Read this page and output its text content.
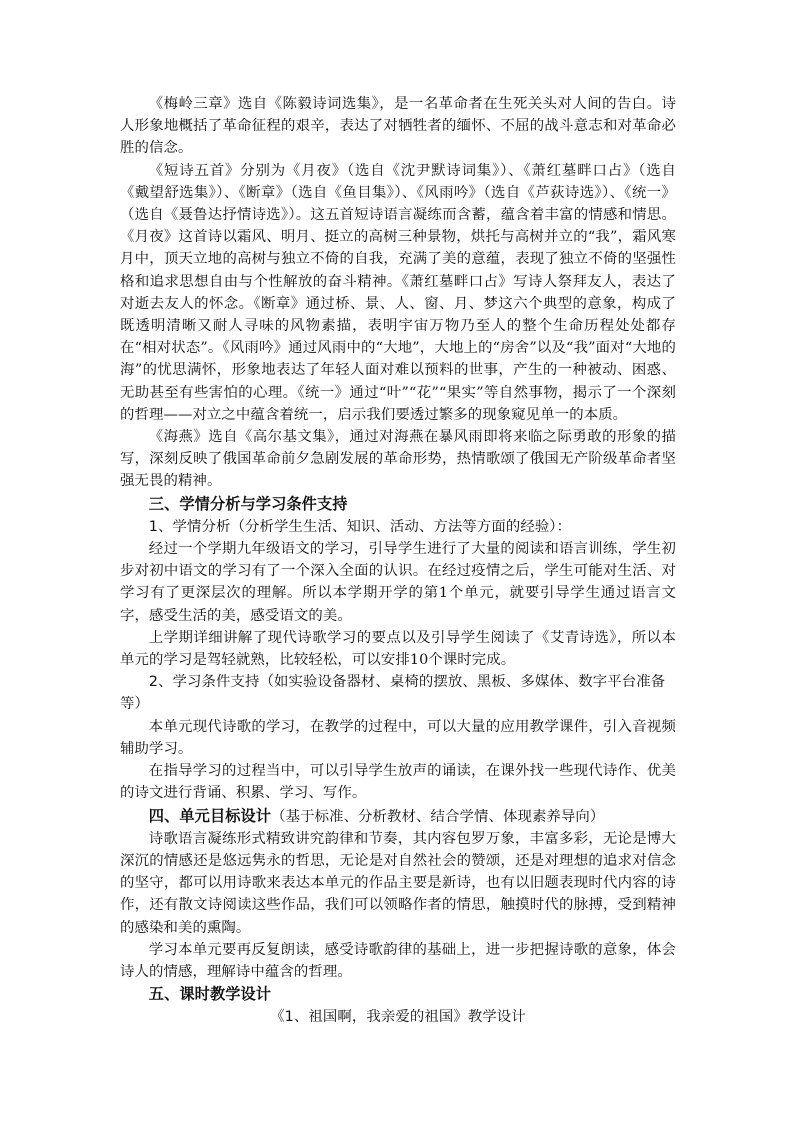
《梅岭三章》选自《陈毅诗词选集》，是一名革命者在生死关头对人间的告白。诗人形象地概括了革命征程的艰辛，表达了对牺牲者的缅怀、不屈的战斗意志和对革命必胜的信念。

《短诗五首》分别为《月夜》（选自《沈尹默诗词集》）、《萧红墓畔口占》（选自《戴望舒选集》）、《断章》（选自《鱼目集》）、《风雨吟》（选自《芦荻诗选》）、《统一》（选自《聂鲁达抒情诗选》）。这五首短诗语言凝练而含蓄，蕴含着丰富的情感和情思。《月夜》这首诗以霜风、明月、挺立的高树三种景物，烘托与高树并立的“我”，霜风寒月中，顶天立地的高树与独立不倚的自我，充满了美的意蕴，表现了独立不倚的坚强性格和追求思想自由与个性解放的奋斗精神。《萧红墓畔口占》写诗人祭拜友人，表达了对逝去友人的怀念。《断章》通过桥、景、人、窗、月、梦这六个典型的意象，构成了既透明清晰又耐人寻味的风物素描，表明宇宙万物乃至人的整个生命历程处处都存在“相对状态”。《风雨吟》通过风雨中的“大地”，大地上的“房舍”以及“我”面对“大地的海”的忧思满怀，形象地表达了年轻人面对难以预料的世事，产生的一种被动、困惑、无助甚至有些害怕的心理。《统一》通过“叶”“花”“果实”等自然事物，揭示了一个深刻的哲理——对立之中蕴含着统一，启示我们要透过繁多的现象窥见单一的本质。

《海燕》选自《高尔基文集》，通过对海燕在暴风雨即将来临之际勇敢的形象的描写，深刻反映了俄国革命前夕急剧发展的革命形势，热情歌颂了俄国无产阶级革命者坚强无畏的精神。

三、学情分析与学习条件支持
1、学情分析（分析学生生活、知识、活动、方法等方面的经验）：

经过一个学期九年级语文的学习，引导学生进行了大量的阅读和语言训练，学生初步对初中语文的学习有了一个深入全面的认识。在经过疫情之后，学生可能对生活、对学习有了更深层次的理解。所以本学期开学的第1个单元，就要引导学生通过语言文字，感受生活的美，感受语文的美。

上学期详细讲解了现代诗歌学习的要点以及引导学生阅读了《艾青诗选》，所以本单元的学习是驾轻就熟，比较轻松，可以安排10个课时完成。

2、学习条件支持（如实验设备器材、桌椅的摆放、黑板、多媒体、数字平台准备等）

本单元现代诗歌的学习，在教学的过程中，可以大量的应用教学课件，引入音视频辅助学习。

在指导学习的过程当中，可以引导学生放声的诵读，在课外找一些现代诗作、优美的诗文进行背诵、积累、学习、写作。

四、单元目标设计（基于标准、分析教材、结合学情、体现素养导向）

诗歌语言凝练形式精致讲究韵律和节奏，其内容包罗万象，丰富多彩，无论是博大深沉的情感还是悠远隽永的哲思，无论是对自然社会的赞颂，还是对理想的追求对信念的坚守，都可以用诗歌来表达本单元的作品主要是新诗，也有以旧题表现时代内容的诗作，还有散文诗阅读这些作品，我们可以领略作者的情思，触摸时代的脉搏，受到精神的感染和美的熏陶。

学习本单元要再反复朗读，感受诗歌韵律的基础上，进一步把握诗歌的意象，体会诗人的情感，理解诗中蕴含的哲理。

五、课时教学设计
《1、祖国啊，我亲爱的祖国》教学设计
